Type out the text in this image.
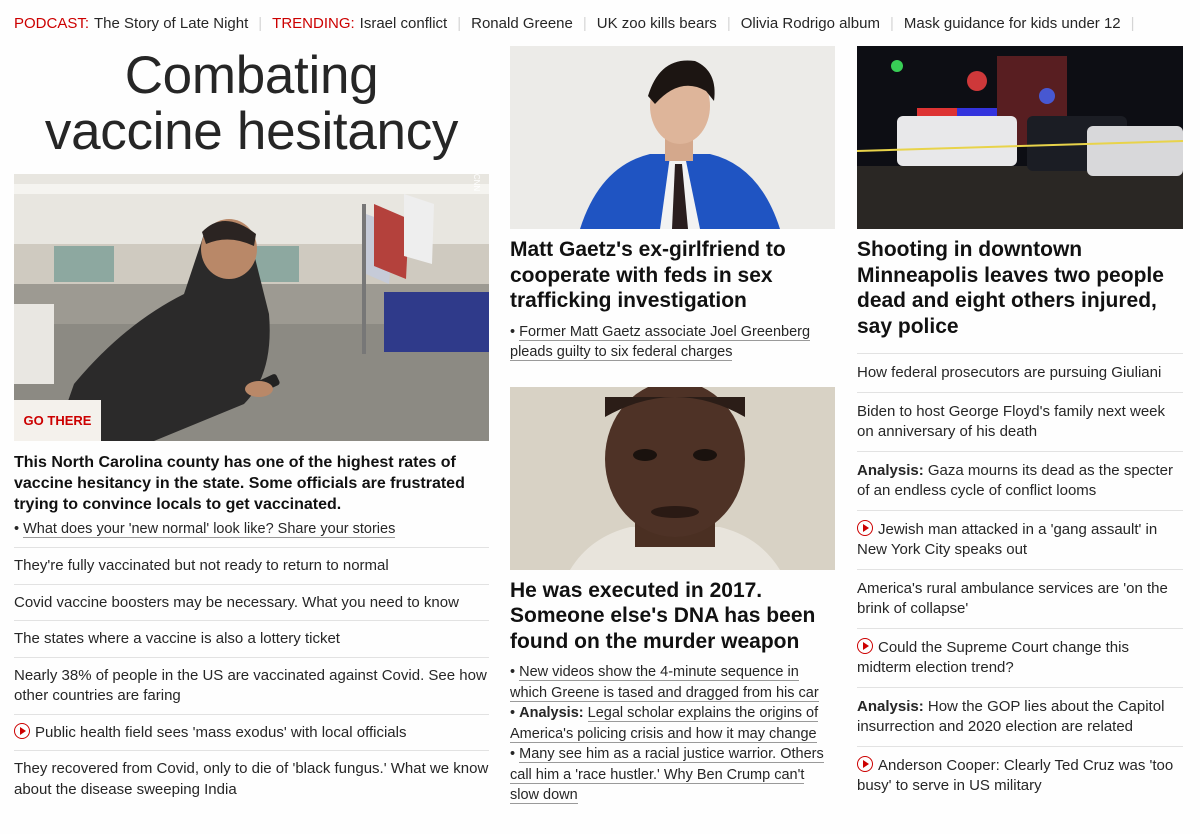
PODCAST: The Story of Late Night | TRENDING: Israel conflict | Ronald Greene | UK zoo kills bears | Olivia Rodrigo album | Mask guidance for kids under 12 |
Combating
vaccine hesitancy
CNN
GO THERE
This North Carolina county has one of the highest rates of vaccine hesitancy in the state. Some officials are frustrated trying to convince locals to get vaccinated.
• What does your 'new normal' look like? Share your stories
They're fully vaccinated but not ready to return to normal
Covid vaccine boosters may be necessary. What you need to know
The states where a vaccine is also a lottery ticket
Nearly 38% of people in the US are vaccinated against Covid. See how other countries are faring
Public health field sees 'mass exodus' with local officials
They recovered from Covid, only to die of 'black fungus.' What we know about the disease sweeping India
Matt Gaetz's ex-girlfriend to cooperate with feds in sex trafficking investigation
• Former Matt Gaetz associate Joel Greenberg pleads guilty to six federal charges
He was executed in 2017. Someone else's DNA has been found on the murder weapon
• New videos show the 4-minute sequence in which Greene is tased and dragged from his car
• Analysis: Legal scholar explains the origins of America's policing crisis and how it may change
• Many see him as a racial justice warrior. Others call him a 'race hustler.' Why Ben Crump can't slow down
Shooting in downtown Minneapolis leaves two people dead and eight others injured, say police
How federal prosecutors are pursuing Giuliani
Biden to host George Floyd's family next week on anniversary of his death
Analysis: Gaza mourns its dead as the specter of an endless cycle of conflict looms
Jewish man attacked in a 'gang assault' in New York City speaks out
America's rural ambulance services are 'on the brink of collapse'
Could the Supreme Court change this midterm election trend?
Analysis: How the GOP lies about the Capitol insurrection and 2020 election are related
Anderson Cooper: Clearly Ted Cruz was 'too busy' to serve in US military
